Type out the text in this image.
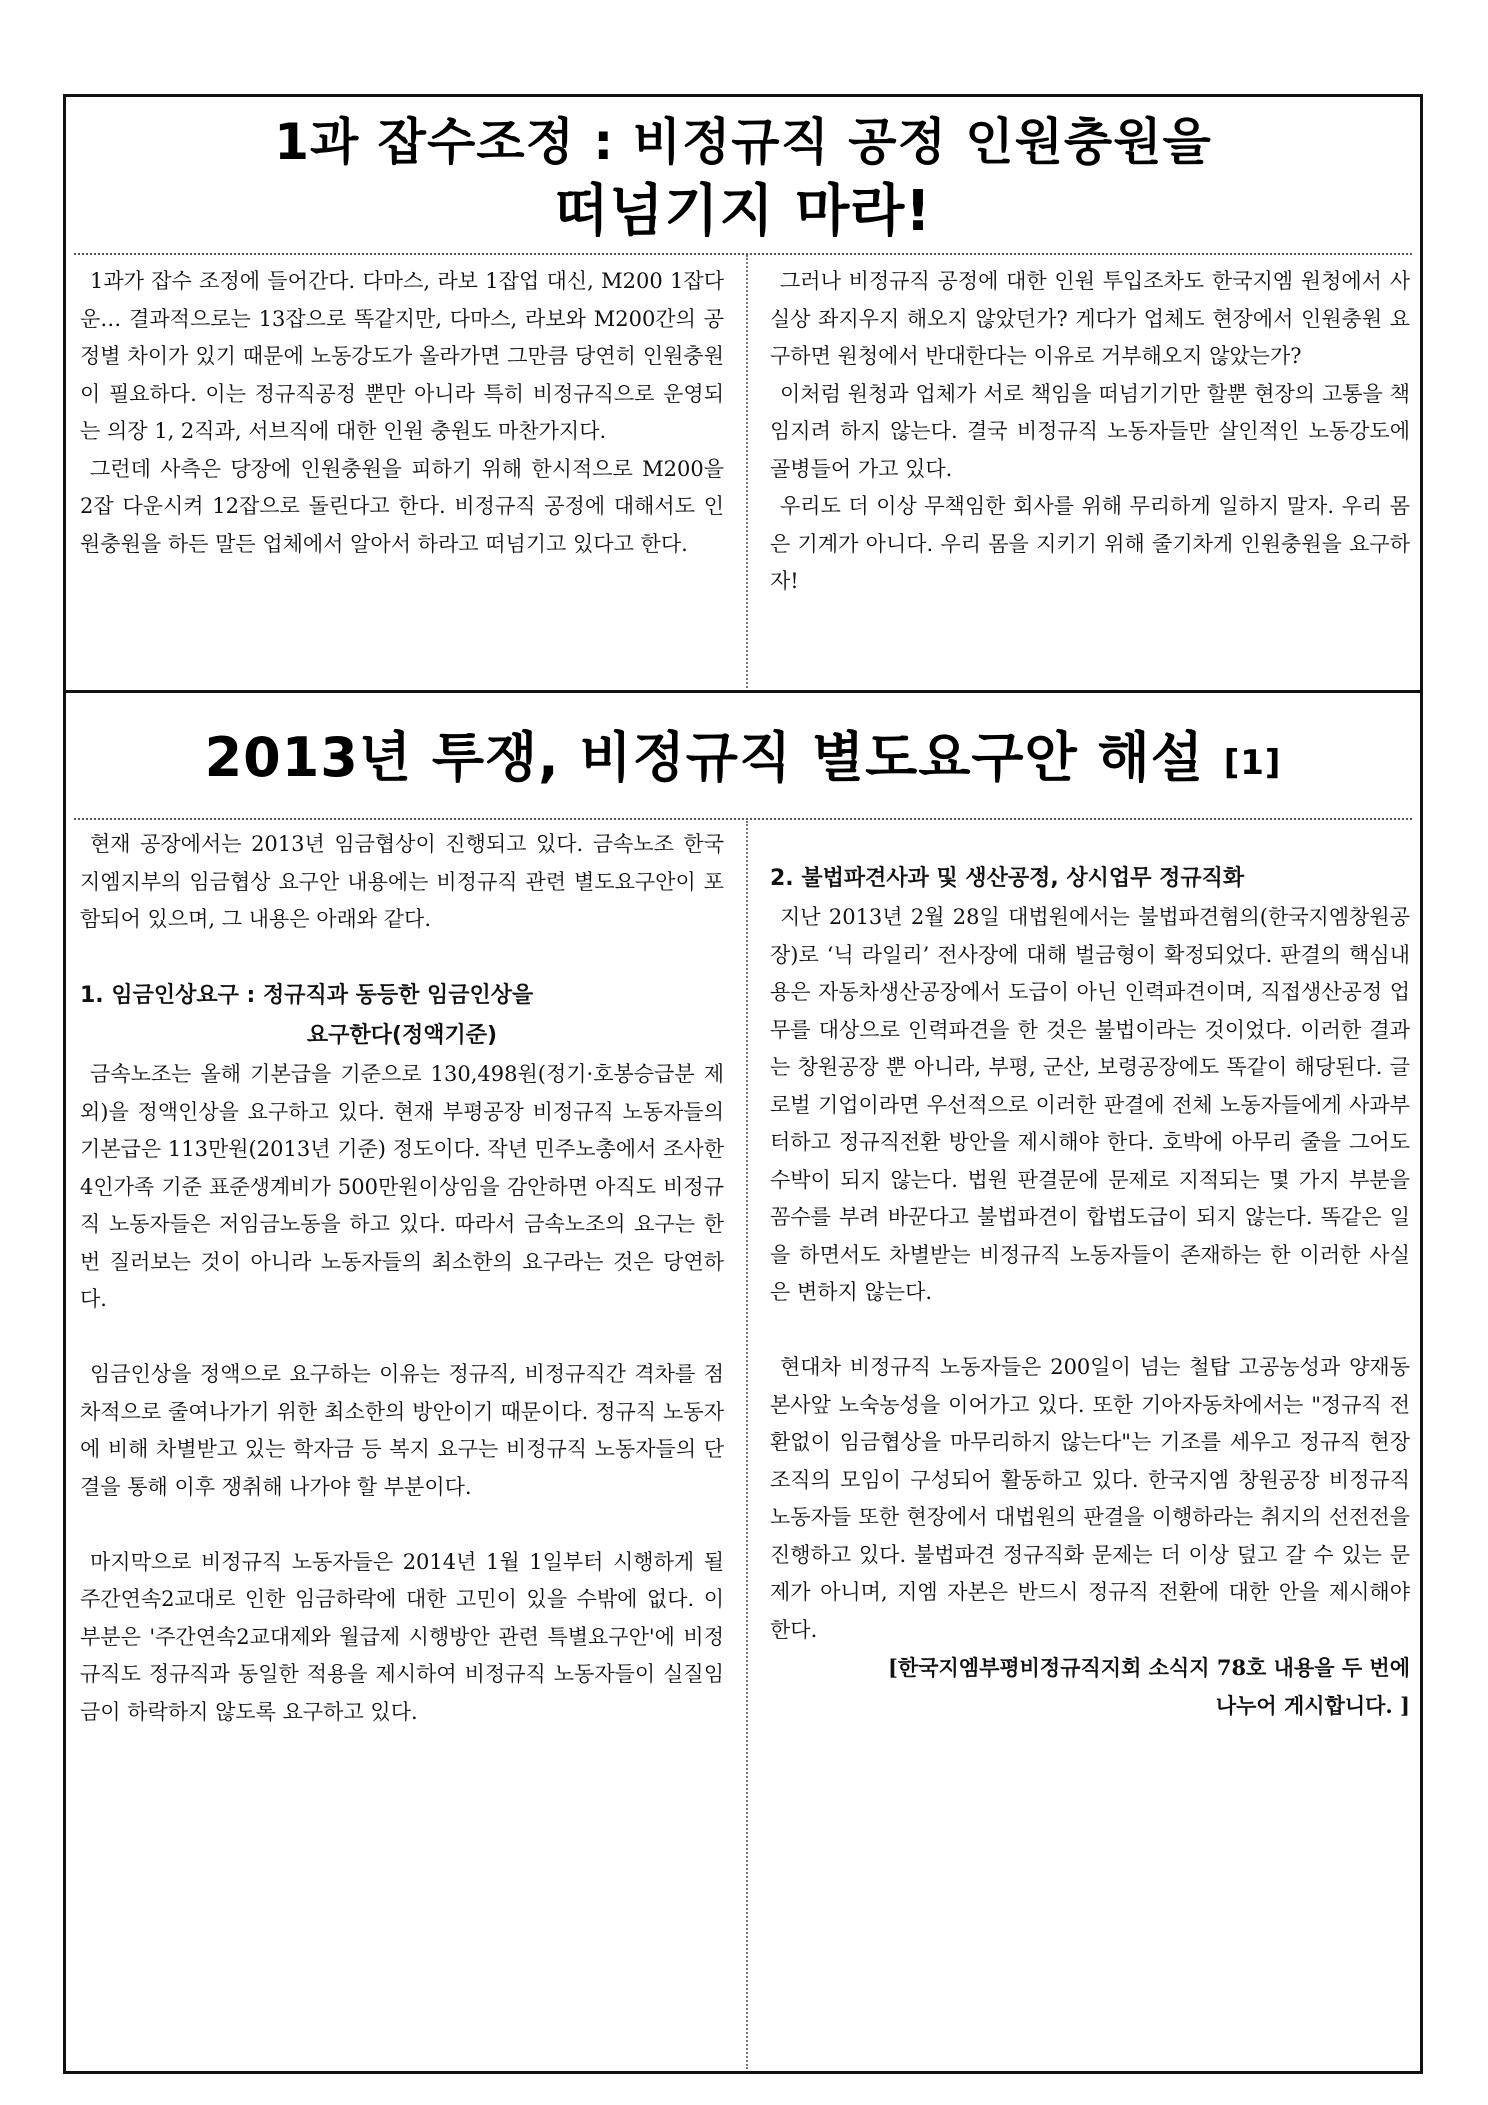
1과 잡수조정 : 비정규직 공정 인원충원을
떠넘기지 마라!

1과가 잡수 조정에 들어간다. 다마스, 라보 1잡업 대신, M200 1잡다운… 결과적으로는 13잡으로 똑같지만, 다마스, 라보와 M200간의 공정별 차이가 있기 때문에 노동강도가 올라가면 그만큼 당연히 인원충원이 필요하다. 이는 정규직공정 뿐만 아니라 특히 비정규직으로 운영되는 의장 1, 2직과, 서브직에 대한 인원 충원도 마찬가지다.

그런데 사측은 당장에 인원충원을 피하기 위해 한시적으로 M200을 2잡 다운시켜 12잡으로 돌린다고 한다. 비정규직 공정에 대해서도 인원충원을 하든 말든 업체에서 알아서 하라고 떠넘기고 있다고 한다.

그러나 비정규직 공정에 대한 인원 투입조차도 한국지엠 원청에서 사실상 좌지우지 해오지 않았던가? 게다가 업체도 현장에서 인원충원 요구하면 원청에서 반대한다는 이유로 거부해오지 않았는가?

이처럼 원청과 업체가 서로 책임을 떠넘기기만 할뿐 현장의 고통을 책임지려 하지 않는다. 결국 비정규직 노동자들만 살인적인 노동강도에 골병들어 가고 있다.

우리도 더 이상 무책임한 회사를 위해 무리하게 일하지 말자. 우리 몸은 기계가 아니다. 우리 몸을 지키기 위해 줄기차게 인원충원을 요구하자!

2013년 투쟁, 비정규직 별도요구안 해설 [1]

현재 공장에서는 2013년 임금협상이 진행되고 있다. 금속노조 한국지엠지부의 임금협상 요구안 내용에는 비정규직 관련 별도요구안이 포함되어 있으며, 그 내용은 아래와 같다.

1. 임금인상요구 : 정규직과 동등한 임금인상을

요구한다(정액기준)

금속노조는 올해 기본급을 기준으로 130,498원(정기·호봉승급분 제외)을 정액인상을 요구하고 있다. 현재 부평공장 비정규직 노동자들의 기본급은 113만원(2013년 기준) 정도이다. 작년 민주노총에서 조사한 4인가족 기준 표준생계비가 500만원이상임을 감안하면 아직도 비정규직 노동자들은 저임금노동을 하고 있다. 따라서 금속노조의 요구는 한번 질러보는 것이 아니라 노동자들의 최소한의 요구라는 것은 당연하다.

임금인상을 정액으로 요구하는 이유는 정규직, 비정규직간 격차를 점차적으로 줄여나가기 위한 최소한의 방안이기 때문이다. 정규직 노동자에 비해 차별받고 있는 학자금 등 복지 요구는 비정규직 노동자들의 단결을 통해 이후 쟁취해 나가야 할 부분이다.

마지막으로 비정규직 노동자들은 2014년 1월 1일부터 시행하게 될 주간연속2교대로 인한 임금하락에 대한 고민이 있을 수밖에 없다. 이 부분은 '주간연속2교대제와 월급제 시행방안 관련 특별요구안'에 비정규직도 정규직과 동일한 적용을 제시하여 비정규직 노동자들이 실질임금이 하락하지 않도록 요구하고 있다.

2. 불법파견사과 및 생산공정, 상시업무 정규직화

지난 2013년 2월 28일 대법원에서는 불법파견혐의(한국지엠창원공장)로 ‘닉 라일리’ 전사장에 대해 벌금형이 확정되었다. 판결의 핵심내용은 자동차생산공장에서 도급이 아닌 인력파견이며, 직접생산공정 업무를 대상으로 인력파견을 한 것은 불법이라는 것이었다. 이러한 결과는 창원공장 뿐 아니라, 부평, 군산, 보령공장에도 똑같이 해당된다. 글로벌 기업이라면 우선적으로 이러한 판결에 전체 노동자들에게 사과부터하고 정규직전환 방안을 제시해야 한다. 호박에 아무리 줄을 그어도 수박이 되지 않는다. 법원 판결문에 문제로 지적되는 몇 가지 부분을 꼼수를 부려 바꾼다고 불법파견이 합법도급이 되지 않는다. 똑같은 일을 하면서도 차별받는 비정규직 노동자들이 존재하는 한 이러한 사실은 변하지 않는다.

현대차 비정규직 노동자들은 200일이 넘는 철탑 고공농성과 양재동 본사앞 노숙농성을 이어가고 있다. 또한 기아자동차에서는 "정규직 전환없이 임금협상을 마무리하지 않는다"는 기조를 세우고 정규직 현장조직의 모임이 구성되어 활동하고 있다. 한국지엠 창원공장 비정규직 노동자들 또한 현장에서 대법원의 판결을 이행하라는 취지의 선전전을 진행하고 있다. 불법파견 정규직화 문제는 더 이상 덮고 갈 수 있는 문제가 아니며, 지엠 자본은 반드시 정규직 전환에 대한 안을 제시해야 한다.

[한국지엠부평비정규직지회 소식지 78호 내용을 두 번에

나누어 게시합니다. ]
